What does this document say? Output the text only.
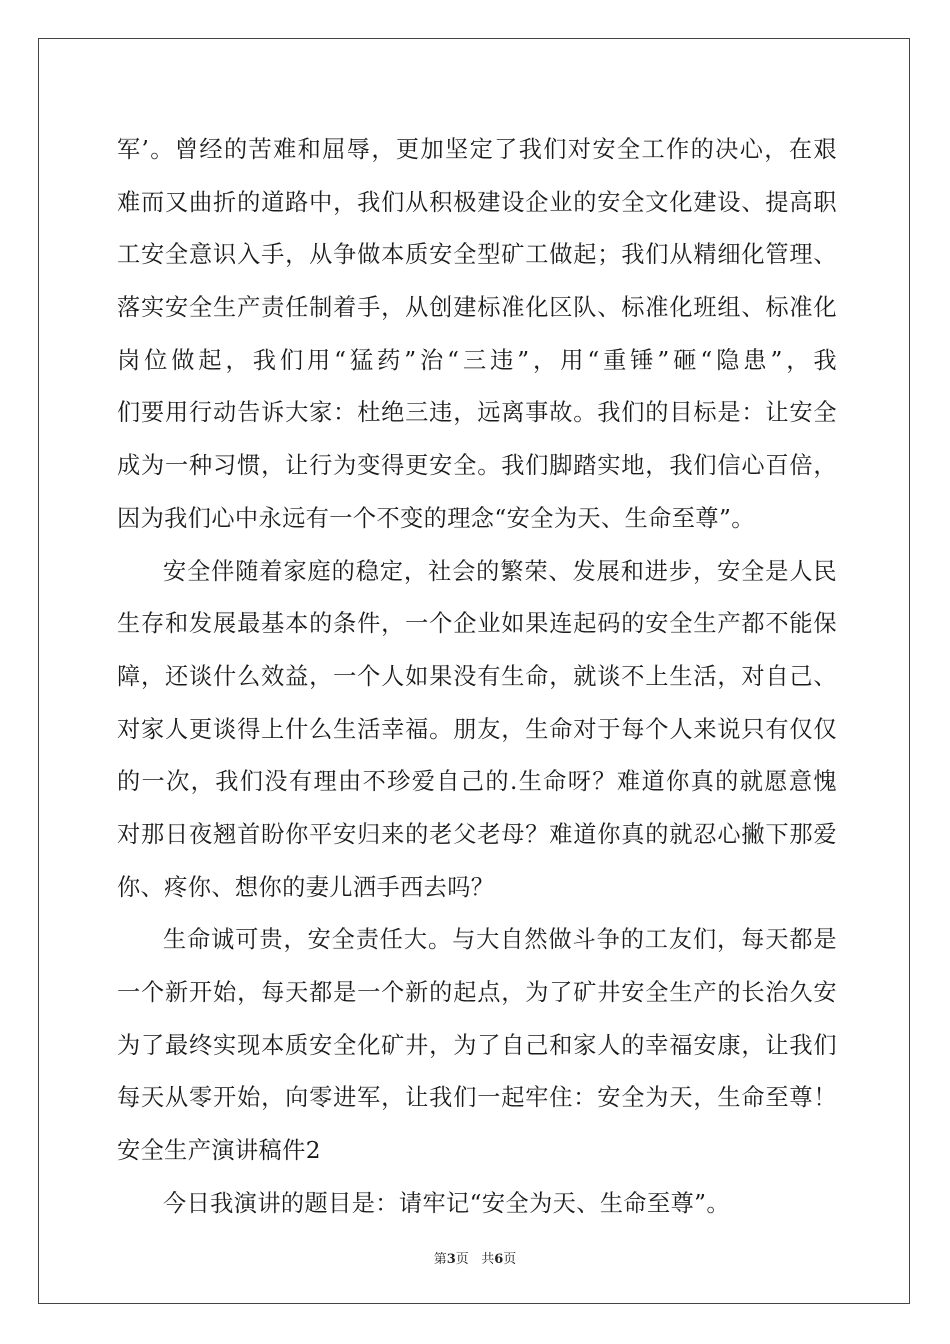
军’。曾经的苦难和屈辱，更加坚定了我们对安全工作的决心，在艰
难而又曲折的道路中，我们从积极建设企业的安全文化建设、提高职
工安全意识入手，从争做本质安全型矿工做起；我们从精细化管理、
落实安全生产责任制着手，从创建标准化区队、标准化班组、标准化
岗位做起，我们用“猛药”治“三违”，用“重锤”砸“隐患”，我
们要用行动告诉大家：杜绝三违，远离事故。我们的目标是：让安全
成为一种习惯，让行为变得更安全。我们脚踏实地，我们信心百倍，
因为我们心中永远有一个不变的理念“安全为天、生命至尊”。
安全伴随着家庭的稳定，社会的繁荣、发展和进步，安全是人民
生存和发展最基本的条件，一个企业如果连起码的安全生产都不能保
障，还谈什么效益，一个人如果没有生命，就谈不上生活，对自己、
对家人更谈得上什么生活幸福。朋友，生命对于每个人来说只有仅仅
的一次，我们没有理由不珍爱自己的.生命呀？难道你真的就愿意愧
对那日夜翘首盼你平安归来的老父老母？难道你真的就忍心撇下那爱
你、疼你、想你的妻儿洒手西去吗？
生命诚可贵，安全责任大。与大自然做斗争的工友们，每天都是
一个新开始，每天都是一个新的起点，为了矿井安全生产的长治久安
为了最终实现本质安全化矿井，为了自己和家人的幸福安康，让我们
每天从零开始，向零进军，让我们一起牢住：安全为天，生命至尊！
安全生产演讲稿件2
今日我演讲的题目是：请牢记“安全为天、生命至尊”。
第3页 共6页
